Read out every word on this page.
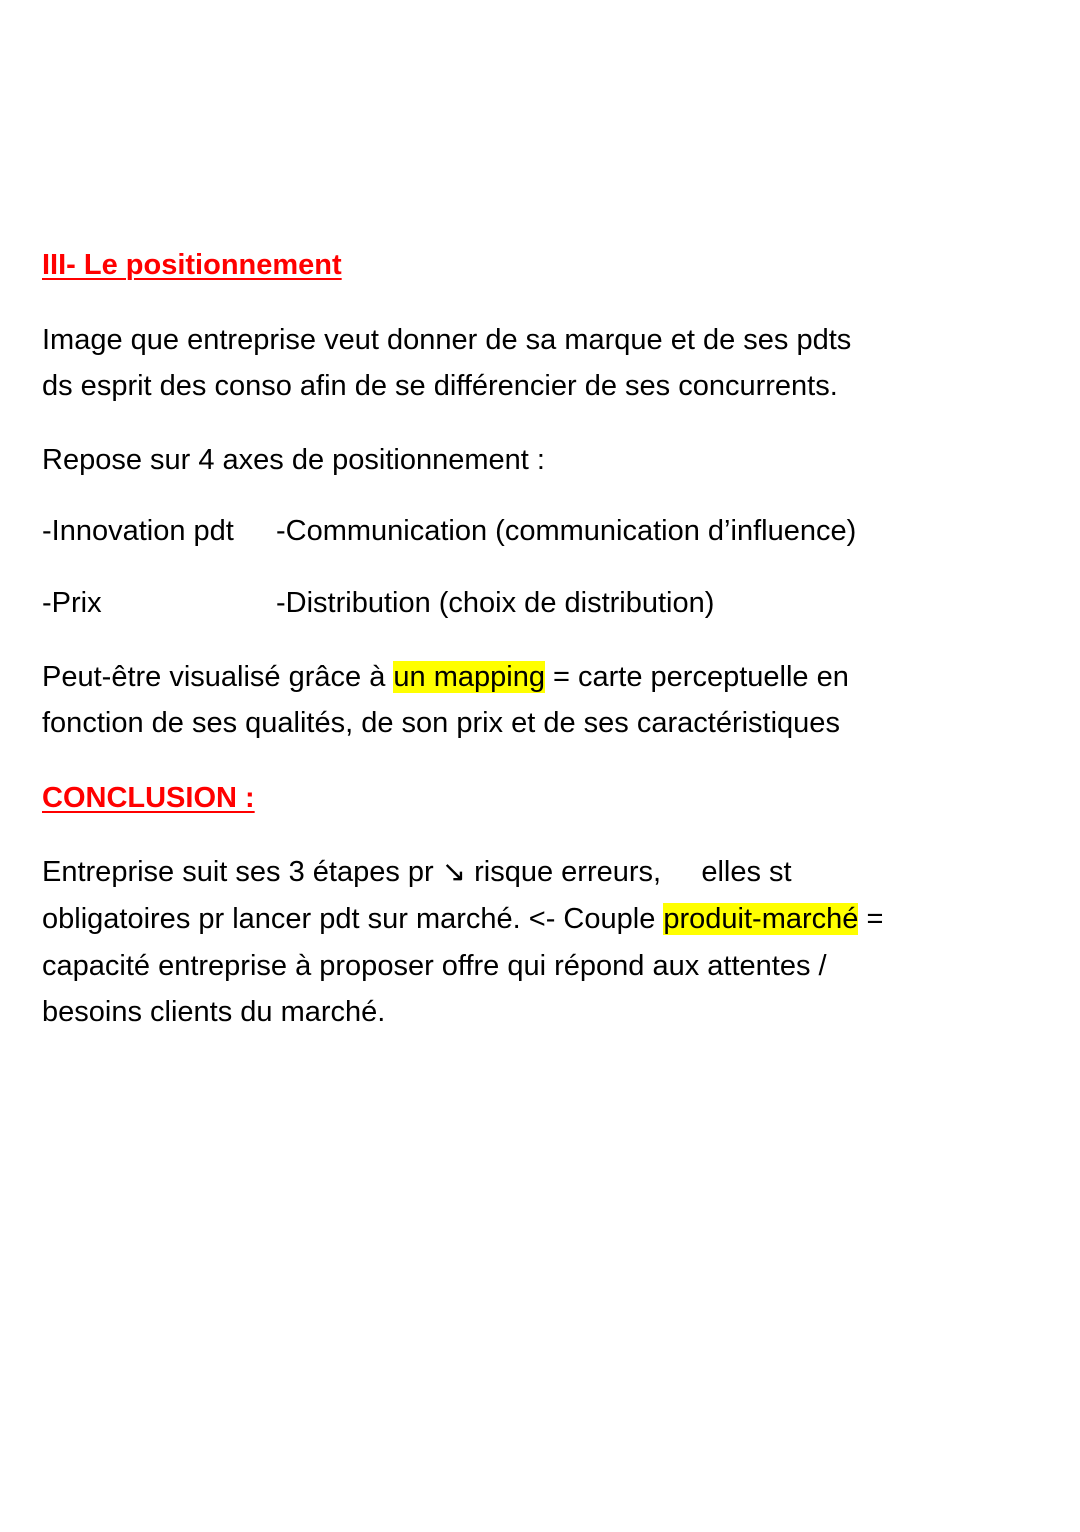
III- Le positionnement
Image que entreprise veut donner de sa marque et de ses pdts
ds esprit des conso afin de se différencier de ses concurrents.
Repose sur 4 axes de positionnement :
-Innovation pdt -Communication (communication d’influence)
-Prix	-Distribution (choix de distribution)
Peut-être visualisé grâce à un mapping = carte perceptuelle en
fonction de ses qualités, de son prix et de ses caractéristiques
CONCLUSION :
Entreprise suit ses 3 étapes pr ↘ risque erreurs,     elles st
obligatoires pr lancer pdt sur marché. <- Couple produit-marché =
capacité entreprise à proposer offre qui répond aux attentes /
besoins clients du marché.
